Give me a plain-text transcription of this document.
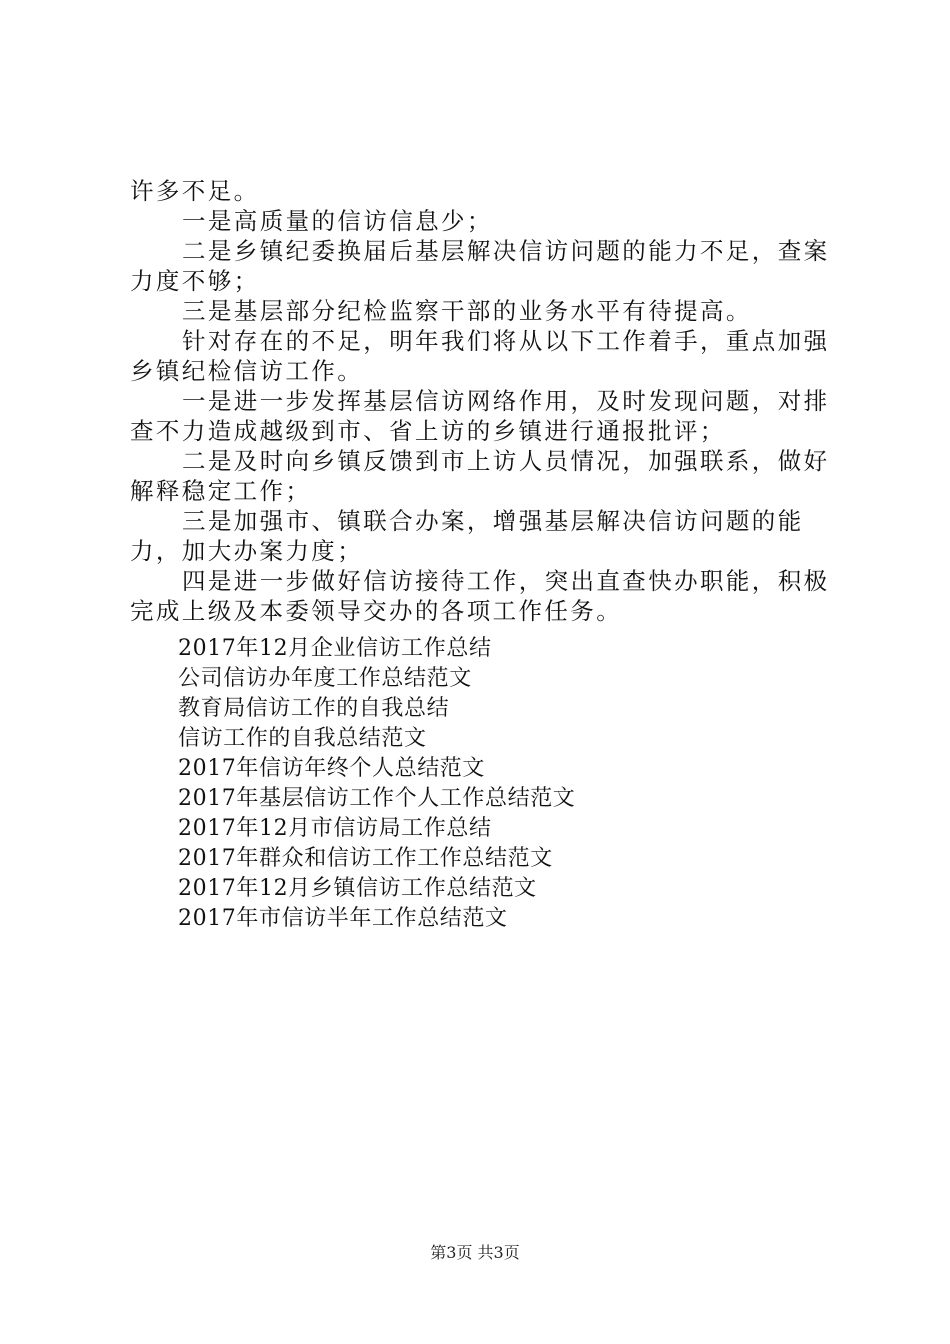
许多不足。

一是高质量的信访信息少；

二是乡镇纪委换届后基层解决信访问题的能力不足，查案力度不够；

三是基层部分纪检监察干部的业务水平有待提高。

针对存在的不足，明年我们将从以下工作着手，重点加强乡镇纪检信访工作。

一是进一步发挥基层信访网络作用，及时发现问题，对排查不力造成越级到市、省上访的乡镇进行通报批评；

二是及时向乡镇反馈到市上访人员情况，加强联系，做好解释稳定工作；

三是加强市、镇联合办案，增强基层解决信访问题的能力，加大办案力度；

四是进一步做好信访接待工作，突出直查快办职能，积极完成上级及本委领导交办的各项工作任务。

2017年12月企业信访工作总结

公司信访办年度工作总结范文

教育局信访工作的自我总结

信访工作的自我总结范文

2017年信访年终个人总结范文

2017年基层信访工作个人工作总结范文

2017年12月市信访局工作总结

2017年群众和信访工作工作总结范文

2017年12月乡镇信访工作总结范文

2017年市信访半年工作总结范文

第3页 共3页
